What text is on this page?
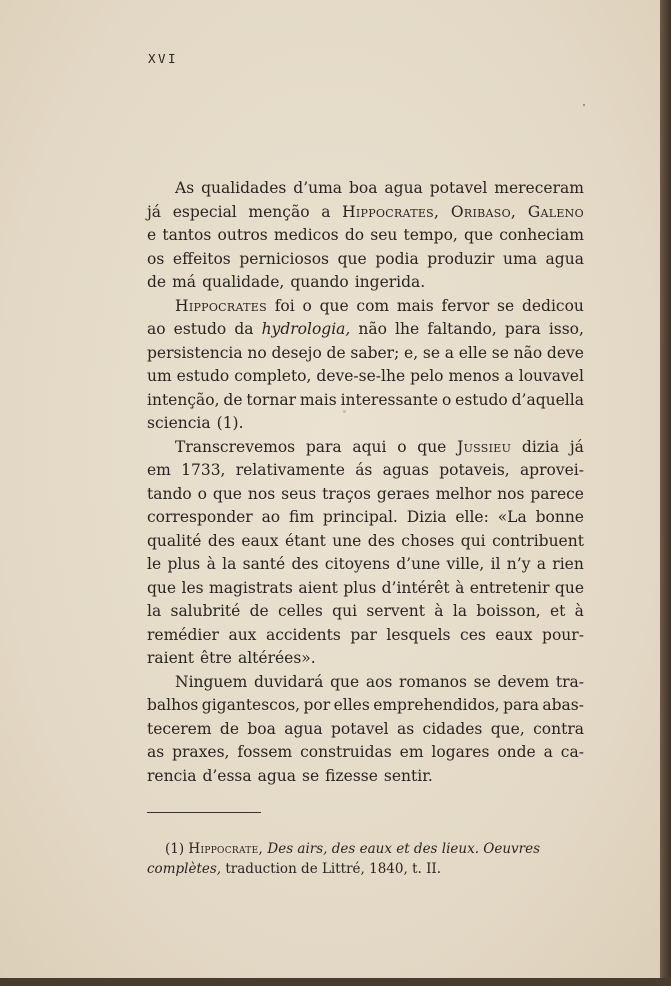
XVI
As qualidades d’uma boa agua potavel mereceram
já especial menção a Hippocrates, Oribaso, Galeno
e tantos outros medicos do seu tempo, que conheciam
os effeitos perniciosos que podia produzir uma agua
de má qualidade, quando ingerida.
Hippocrates foi o que com mais fervor se dedicou
ao estudo da hydrologia, não lhe faltando, para isso,
persistencia no desejo de saber; e, se a elle se não deve
um estudo completo, deve-se-lhe pelo menos a louvavel
intenção, de tornar mais interessante o estudo d’aquella
sciencia (1).
Transcrevemos para aqui o que Jussieu dizia já
em 1733, relativamente ás aguas potaveis, aprovei-
tando o que nos seus traços geraes melhor nos parece
corresponder ao fim principal. Dizia elle: «La bonne
qualité des eaux étant une des choses qui contribuent
le plus à la santé des citoyens d’une ville, il n’y a rien
que les magistrats aient plus d’intérêt à entretenir que
la salubrité de celles qui servent à la boisson, et à
remédier aux accidents par lesquels ces eaux pour-
raient être altérées».
Ninguem duvidará que aos romanos se devem tra-
balhos gigantescos, por elles emprehendidos, para abas-
tecerem de boa agua potavel as cidades que, contra
as praxes, fossem construidas em logares onde a ca-
rencia d’essa agua se fizesse sentir.
(1) Hippocrate, Des airs, des eaux et des lieux. Oeuvres
complètes, traduction de Littré, 1840, t. II.
